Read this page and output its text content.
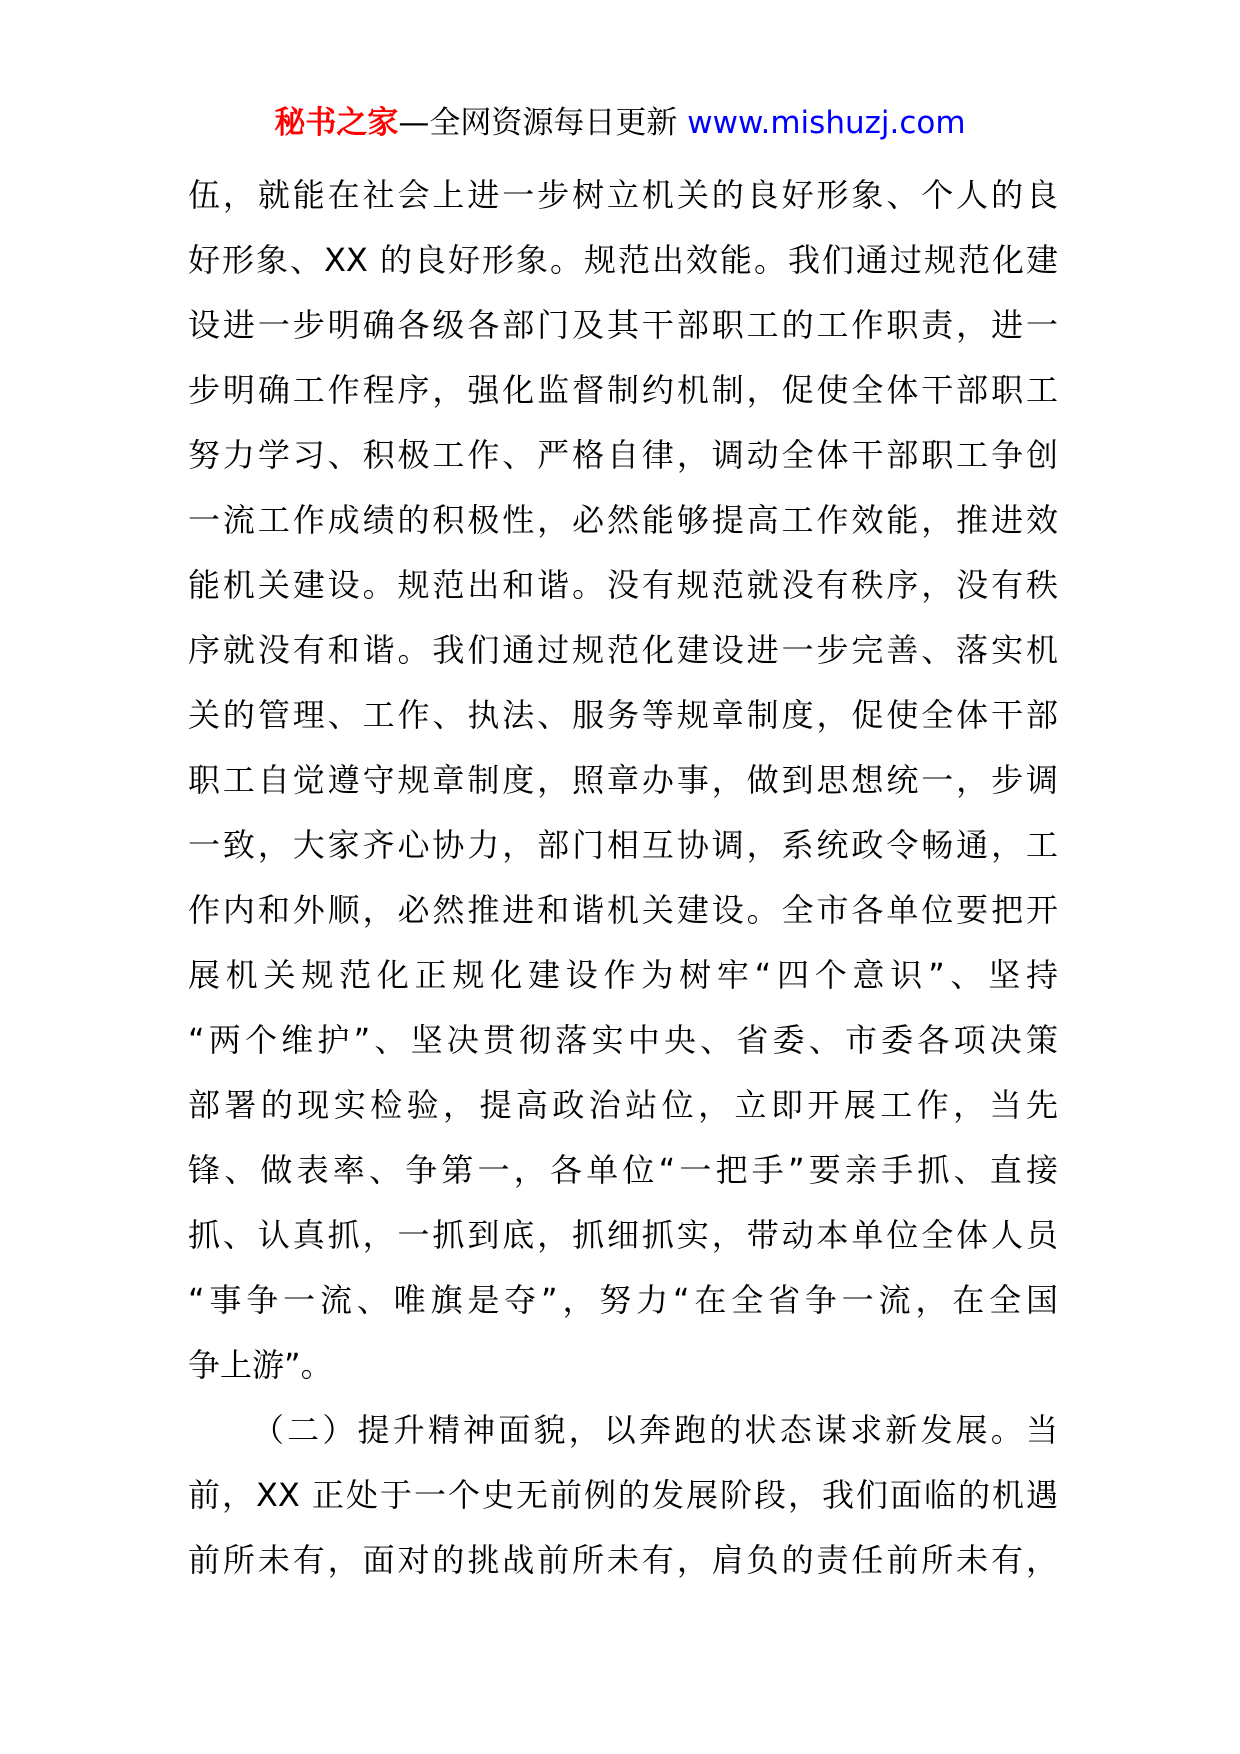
秘书之家—全网资源每日更新 www.mishuzj.com
伍，就能在社会上进一步树立机关的良好形象、个人的良
好形象、XX 的良好形象。规范出效能。我们通过规范化建
设进一步明确各级各部门及其干部职工的工作职责，进一
步明确工作程序，强化监督制约机制，促使全体干部职工
努力学习、积极工作、严格自律，调动全体干部职工争创
一流工作成绩的积极性，必然能够提高工作效能，推进效
能机关建设。规范出和谐。没有规范就没有秩序，没有秩
序就没有和谐。我们通过规范化建设进一步完善、落实机
关的管理、工作、执法、服务等规章制度，促使全体干部
职工自觉遵守规章制度，照章办事，做到思想统一，步调
一致，大家齐心协力，部门相互协调，系统政令畅通，工
作内和外顺，必然推进和谐机关建设。全市各单位要把开
展机关规范化正规化建设作为树牢“四个意识”、坚持
“两个维护”、坚决贯彻落实中央、省委、市委各项决策
部署的现实检验，提高政治站位，立即开展工作，当先
锋、做表率、争第一，各单位“一把手”要亲手抓、直接
抓、认真抓，一抓到底，抓细抓实，带动本单位全体人员
“事争一流、唯旗是夺”，努力“在全省争一流，在全国
争上游”。
（二）提升精神面貌，以奔跑的状态谋求新发展。当
前，XX 正处于一个史无前例的发展阶段，我们面临的机遇
前所未有，面对的挑战前所未有，肩负的责任前所未有，
